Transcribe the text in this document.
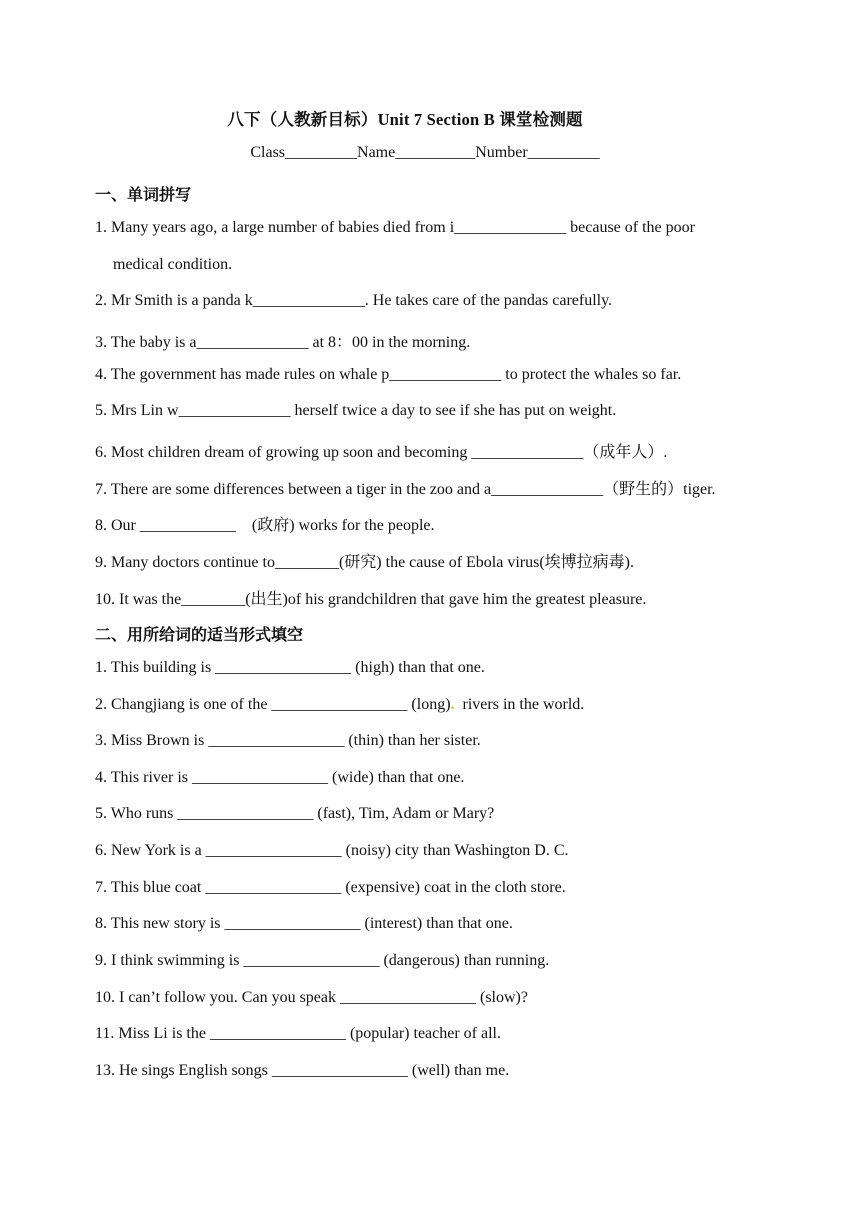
八下（人教新目标）Unit 7 Section B 课堂检测题
Class_________Name__________Number_________
一、单词拼写
1. Many years ago, a large number of babies died from i______________ because of the poor
medical condition.
2. Mr Smith is a panda k______________. He takes care of the pandas carefully.
3. The baby is a______________ at 8：00 in the morning.
4. The government has made rules on whale p______________ to protect the whales so far.
5. Mrs Lin w______________ herself twice a day to see if she has put on weight.
6. Most children dream of growing up soon and becoming ______________（成年人）.
7. There are some differences between a tiger in the zoo and a______________（野生的）tiger.
8. Our ____________    (政府) works for the people.
9. Many doctors continue to________(研究) the cause of Ebola virus(埃博拉病毒).
10. It was the________(出生)of his grandchildren that gave him the greatest pleasure.
二、用所给词的适当形式填空
1. This building is _________________ (high) than that one.
2. Changjiang is one of the _________________ (long).  rivers in the world.
3. Miss Brown is _________________ (thin) than her sister.
4. This river is _________________ (wide) than that one.
5. Who runs _________________ (fast), Tim, Adam or Mary?
6. New York is a _________________ (noisy) city than Washington D. C.
7. This blue coat _________________ (expensive) coat in the cloth store.
8. This new story is _________________ (interest) than that one.
9. I think swimming is _________________ (dangerous) than running.
10. I can’t follow you. Can you speak _________________ (slow)?
11. Miss Li is the _________________ (popular) teacher of all.
13. He sings English songs _________________ (well) than me.
